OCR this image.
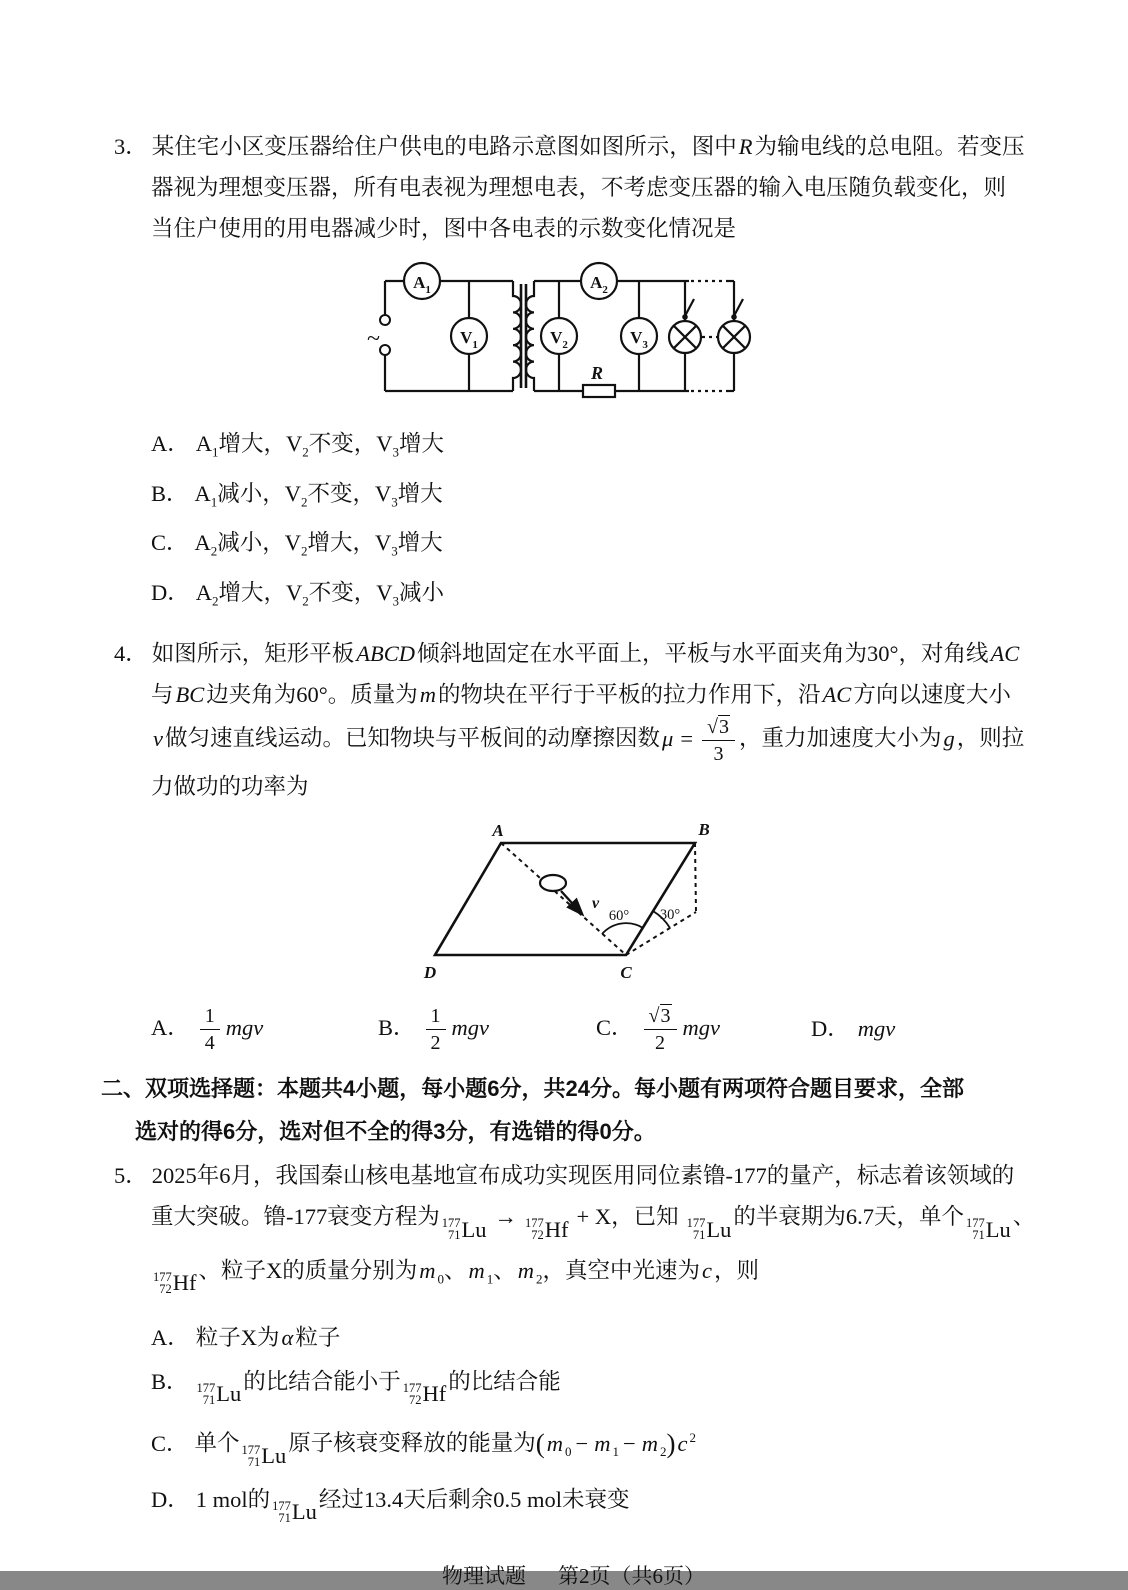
3． 某住宅小区变压器给住户供电的电路示意图如图所示，图中R为输电线的总电阻。若变压
器视为理想变压器，所有电表视为理想电表，不考虑变压器的输入电压随负载变化，则
当住户使用的用电器减少时，图中各电表的示数变化情况是
~
$A_1$
$V_1$	$V_2$
$A_2$
$V_3$
R
A． $A_1$增大，$V_2$不变，$V_3$增大
B． $A_1$减小，$V_2$不变，$V_3$增大
C． $A_2$减小，$V_2$增大，$V_3$增大
D． $A_2$增大，$V_2$不变，$V_3$减小
4． 如图所示，矩形平板ABCD倾斜地固定在水平面上，平板与水平面夹角为30°，对角线AC
与BC边夹角为60°。质量为m的物块在平行于平板的拉力作用下，沿AC方向以速度大小
v做匀速直线运动。已知物块与平板间的动摩擦因数$\mu = \frac{√3}{3}$ ，重力加速度大小为g，则拉
力做功的功率为
A	B
C
D
v
60° 30°
A． $\frac{1}{4}$ mgv	B． $\frac{1}{2}$ mgv	C． $\frac{√3}{2}$ mgv	D． mgv
二、双项选择题：本题共4小题，每小题6分，共24分。每小题有两项符合题目要求，全部
选对的得6分，选对但不全的得3分，有选错的得0分。
5． 2025年6月，我国秦山核电基地宣布成功实现医用同位素镥-177的量产，标志着该领域的
重大突破。镥-177衰变方程为 177
71 Lu → 177
72 Hf + X，已知 177
71 Lu 的半衰期为6.7天，单个 177
71 Lu 、
177
72 Hf 、粒子X的质量分别为m $_0$、m $_1$、m $_2$，真空中光速为c，则
A． 粒子X为α粒子
B． 177
71 Lu 的比结合能小于 177
72 Hf 的比结合能
C． 单个 177
71 Lu 原子核衰变释放的能量为(m $_0$ − m $_1$ − m $_2$)c $^2$
D． 1 mol的 177
71 Lu 经过13.4天后剩余0.5 mol未衰变
物理试题 第2页（共6页）
